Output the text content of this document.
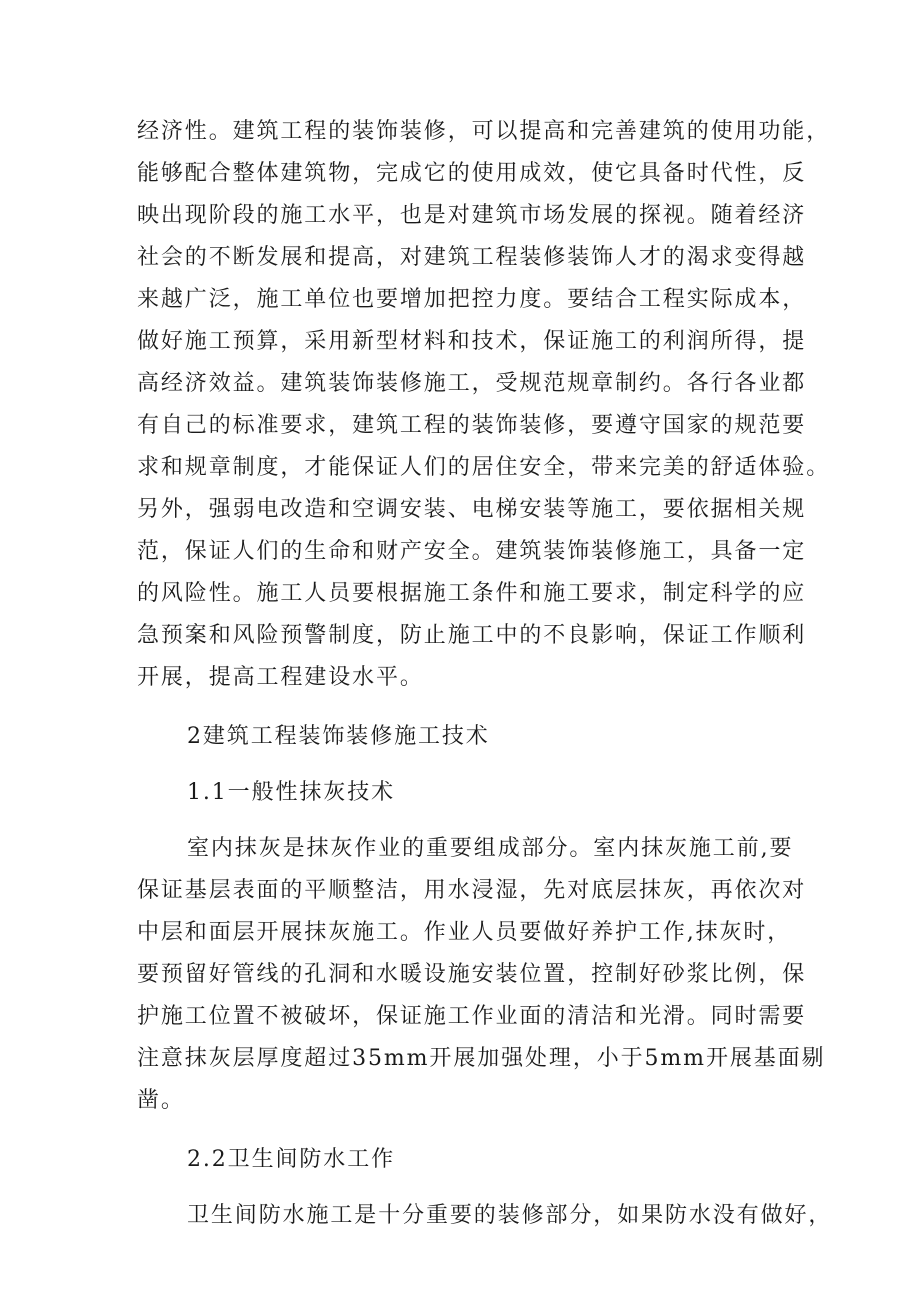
经济性。建筑工程的装饰装修，可以提高和完善建筑的使用功能，
能够配合整体建筑物，完成它的使用成效，使它具备时代性，反
映出现阶段的施工水平，也是对建筑市场发展的探视。随着经济
社会的不断发展和提高，对建筑工程装修装饰人才的渴求变得越
来越广泛，施工单位也要增加把控力度。要结合工程实际成本，
做好施工预算，采用新型材料和技术，保证施工的利润所得，提
高经济效益。建筑装饰装修施工，受规范规章制约。各行各业都
有自己的标准要求，建筑工程的装饰装修，要遵守国家的规范要
求和规章制度，才能保证人们的居住安全，带来完美的舒适体验。
另外，强弱电改造和空调安装、电梯安装等施工，要依据相关规
范，保证人们的生命和财产安全。建筑装饰装修施工，具备一定
的风险性。施工人员要根据施工条件和施工要求，制定科学的应
急预案和风险预警制度，防止施工中的不良影响，保证工作顺利
开展，提高工程建设水平。
2建筑工程装饰装修施工技术
1.1一般性抹灰技术
室内抹灰是抹灰作业的重要组成部分。室内抹灰施工前,要
保证基层表面的平顺整洁，用水浸湿，先对底层抹灰，再依次对
中层和面层开展抹灰施工。作业人员要做好养护工作,抹灰时，
要预留好管线的孔洞和水暖设施安装位置，控制好砂浆比例，保
护施工位置不被破坏，保证施工作业面的清洁和光滑。同时需要
注意抹灰层厚度超过35mm开展加强处理，小于5mm开展基面剔
凿。
2.2卫生间防水工作
卫生间防水施工是十分重要的装修部分，如果防水没有做好，
